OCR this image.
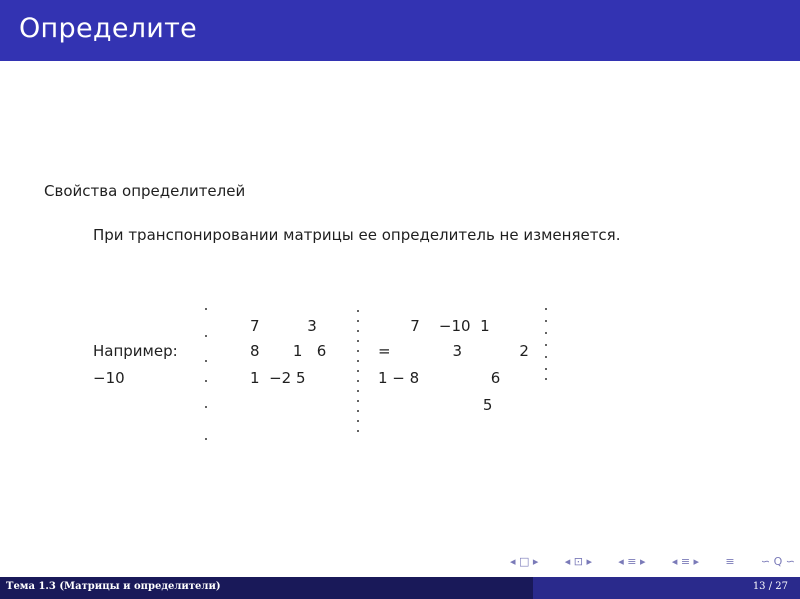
Определите
Свойства определителей
При транспонировании матрицы ее определитель не изменяется.
Например:
−10
7          3
8       1   6
1  −2 5
7    −10  1
=             3            2
1 − 8               6
5
◂ □ ▸ ◂ ⊡ ▸ ◂ ≡ ▸ ◂ ≡ ▸ ≡ ∽ Q ∽
Тема 1.3 (Матрицы и определители)	13 / 27
